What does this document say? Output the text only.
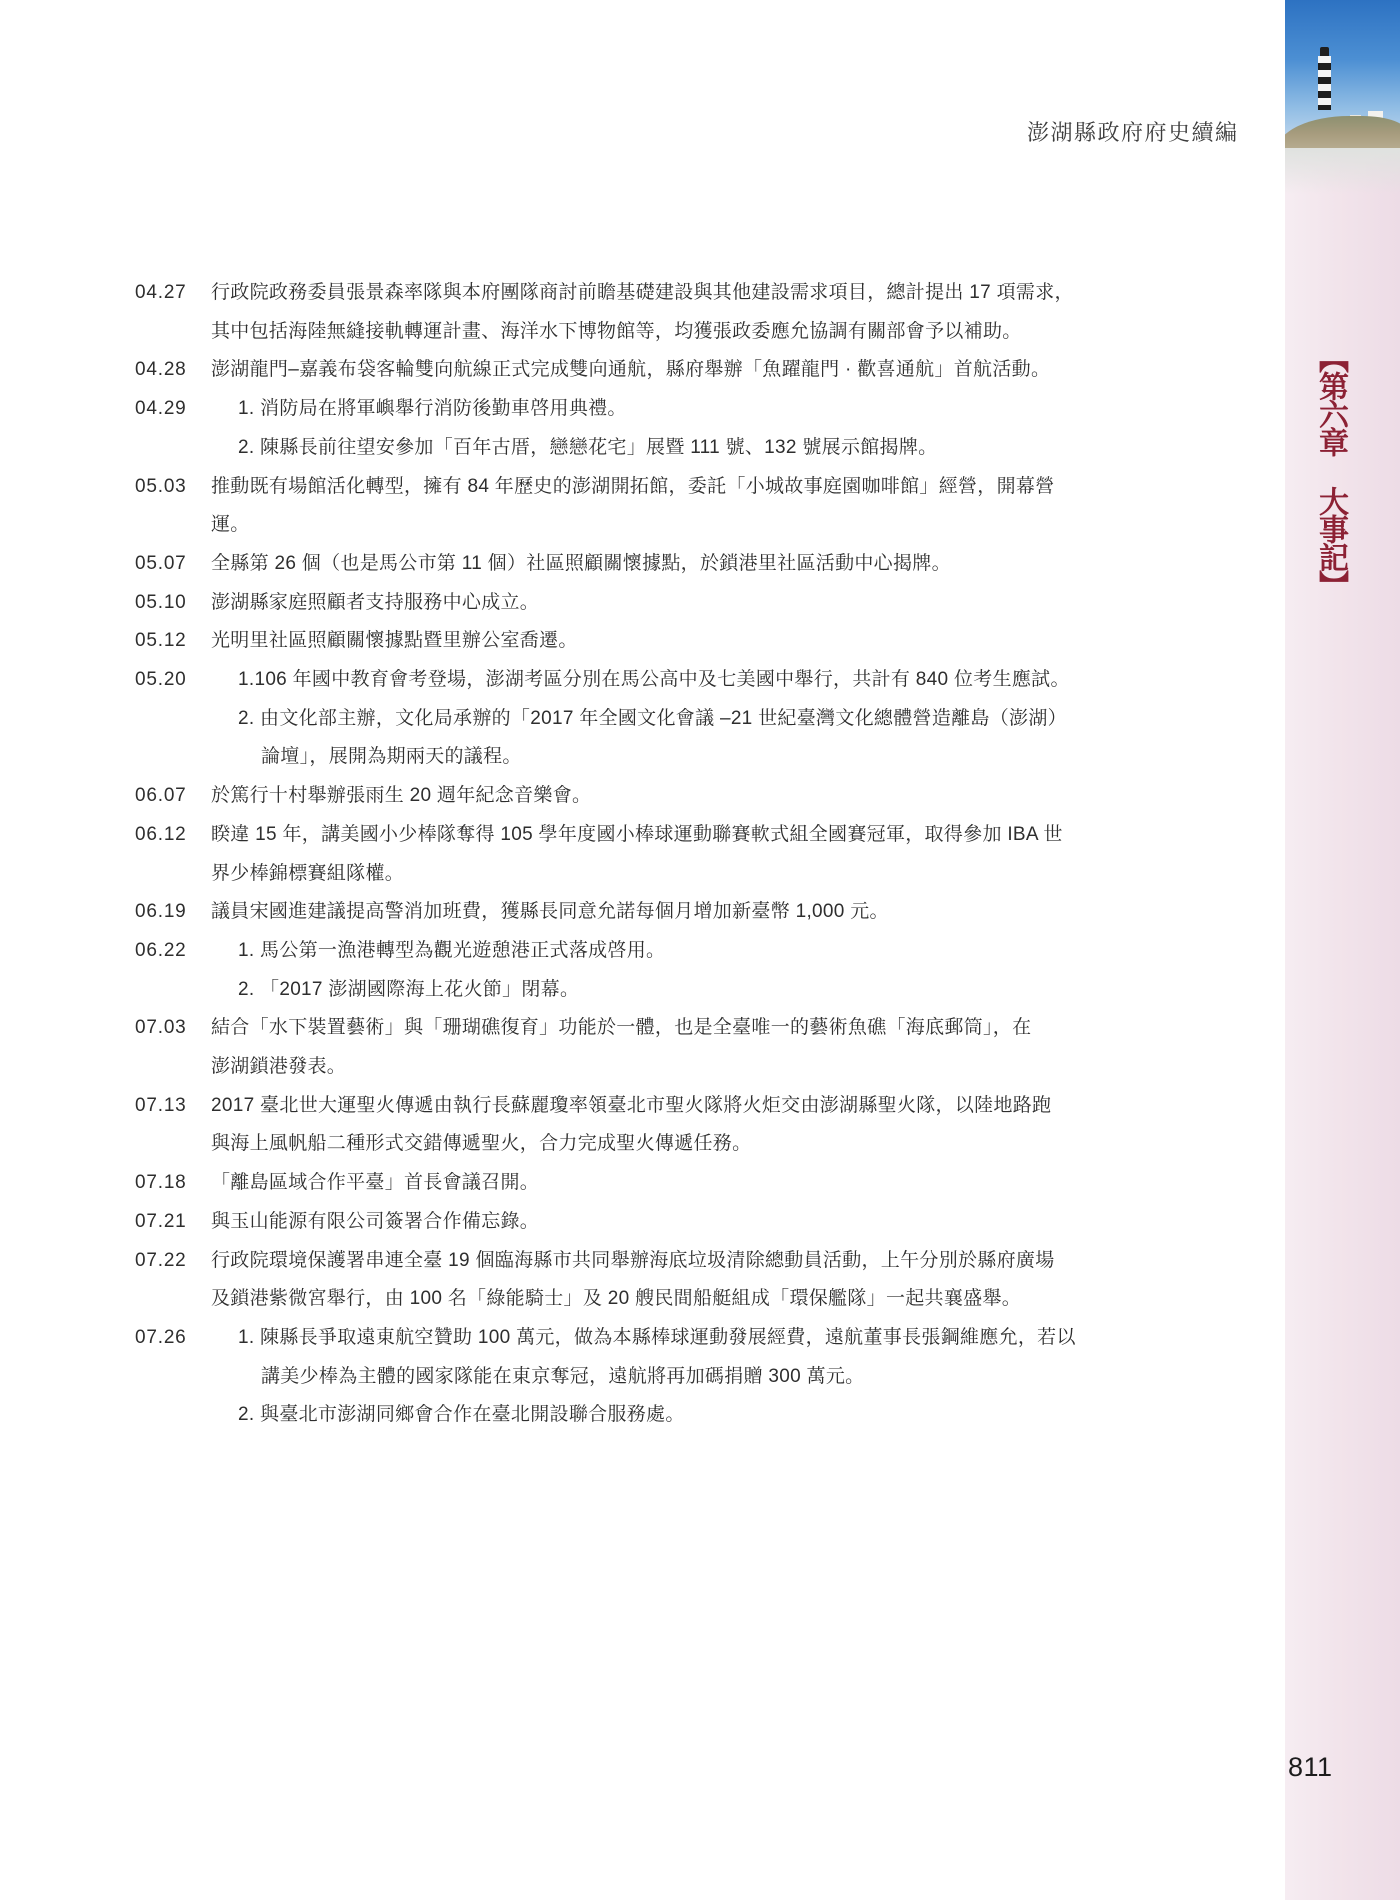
【第六章 大事記】
811
澎湖縣政府府史續編
04.27	行政院政務委員張景森率隊與本府團隊商討前瞻基礎建設與其他建設需求項目，總計提出 17 項需求，
其中包括海陸無縫接軌轉運計畫、海洋水下博物館等，均獲張政委應允協調有關部會予以補助。
04.28	澎湖龍門–嘉義布袋客輪雙向航線正式完成雙向通航，縣府舉辦「魚躍龍門 · 歡喜通航」首航活動。
04.29	1. 消防局在將軍嶼舉行消防後勤車啓用典禮。
2. 陳縣長前往望安參加「百年古厝，戀戀花宅」展暨 111 號、132 號展示館揭牌。
05.03	推動既有場館活化轉型，擁有 84 年歷史的澎湖開拓館，委託「小城故事庭園咖啡館」經營，開幕營
運。
05.07	全縣第 26 個（也是馬公市第 11 個）社區照顧關懷據點，於鎖港里社區活動中心揭牌。
05.10	澎湖縣家庭照顧者支持服務中心成立。
05.12	光明里社區照顧關懷據點暨里辦公室喬遷。
05.20	1.106 年國中教育會考登場，澎湖考區分別在馬公高中及七美國中舉行，共計有 840 位考生應試。
2. 由文化部主辦，文化局承辦的「2017 年全國文化會議 –21 世紀臺灣文化總體營造離島（澎湖）
論壇」，展開為期兩天的議程。
06.07	於篤行十村舉辦張雨生 20 週年紀念音樂會。
06.12	睽違 15 年，講美國小少棒隊奪得 105 學年度國小棒球運動聯賽軟式組全國賽冠軍，取得參加 IBA 世
界少棒錦標賽組隊權。
06.19	議員宋國進建議提高警消加班費，獲縣長同意允諾每個月增加新臺幣 1,000 元。
06.22	1. 馬公第一漁港轉型為觀光遊憩港正式落成啓用。
2. 「2017 澎湖國際海上花火節」閉幕。
07.03	結合「水下裝置藝術」與「珊瑚礁復育」功能於一體，也是全臺唯一的藝術魚礁「海底郵筒」，在
澎湖鎖港發表。
07.13	2017 臺北世大運聖火傳遞由執行長蘇麗瓊率領臺北市聖火隊將火炬交由澎湖縣聖火隊，以陸地路跑
與海上風帆船二種形式交錯傳遞聖火，合力完成聖火傳遞任務。
07.18	「離島區域合作平臺」首長會議召開。
07.21	與玉山能源有限公司簽署合作備忘錄。
07.22	行政院環境保護署串連全臺 19 個臨海縣市共同舉辦海底垃圾清除總動員活動，上午分別於縣府廣場
及鎖港紫微宮舉行，由 100 名「綠能騎士」及 20 艘民間船艇組成「環保艦隊」一起共襄盛舉。
07.26	1. 陳縣長爭取遠東航空贊助 100 萬元，做為本縣棒球運動發展經費，遠航董事長張鋼維應允，若以
講美少棒為主體的國家隊能在東京奪冠，遠航將再加碼捐贈 300 萬元。
2. 與臺北市澎湖同鄉會合作在臺北開設聯合服務處。
